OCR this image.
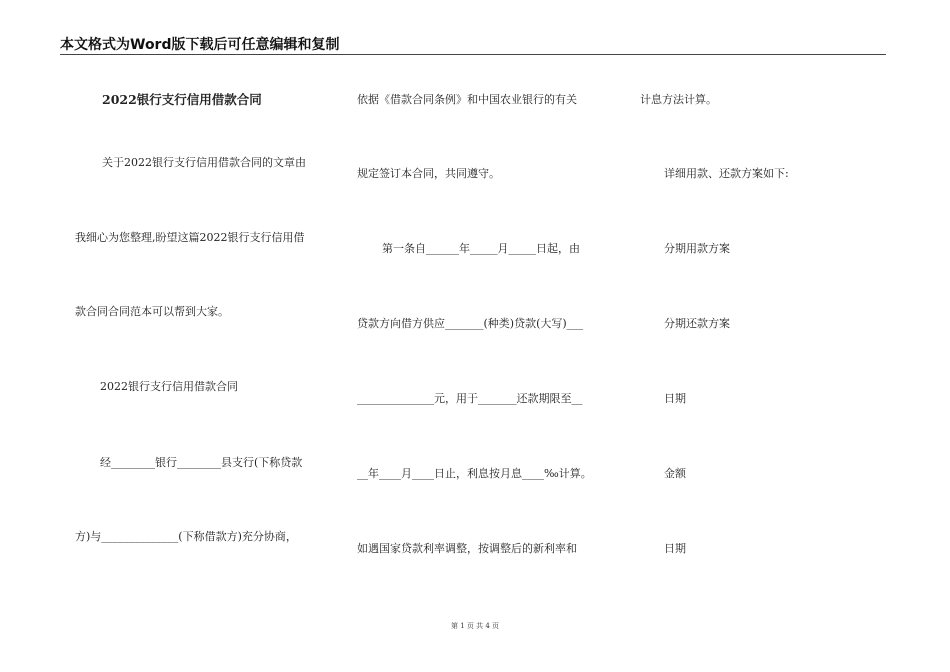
本文格式为Word版下载后可任意编辑和复制
2022银行支行信用借款合同
关于2022银行支行信用借款合同的文章由
我细心为您整理,盼望这篇2022银行支行信用借
款合同合同范本可以帮到大家。
2022银行支行信用借款合同
经________银行________县支行(下称贷款
方)与______________(下称借款方)充分协商，
依据《借款合同条例》和中国农业银行的有关
规定签订本合同，共同遵守。
第一条自______年_____月_____日起，由
贷款方向借方供应_______(种类)贷款(大写)___
______________元，用于_______还款期限至__
__年____月____日止，利息按月息____‰计算。
如遇国家贷款利率调整，按调整后的新利率和
计息方法计算。
详细用款、还款方案如下:
分期用款方案
分期还款方案
日期
金额
日期
第 1 页 共 4 页
